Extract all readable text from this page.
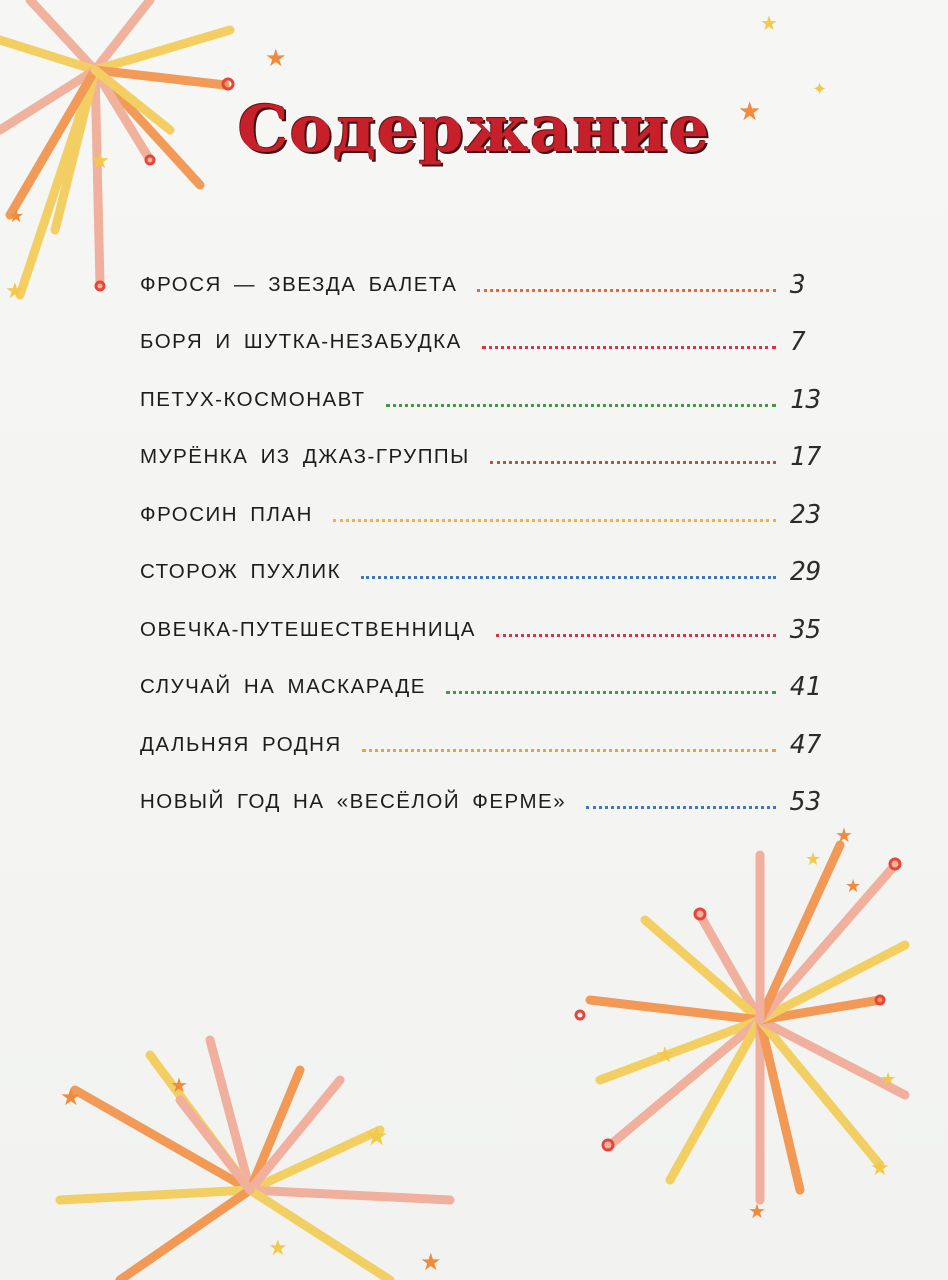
★
★
★
✦
★
★
★
★	★
★
★
★
★
★
★
★
★
★
★
Содержание
ФРОСЯ — ЗВЕЗДА БАЛЕТА	3
БОРЯ И ШУТКА-НЕЗАБУДКА	7
ПЕТУХ-КОСМОНАВТ	13
МУРЁНКА ИЗ ДЖАЗ-ГРУППЫ	17
ФРОСИН ПЛАН	23
СТОРОЖ ПУХЛИК	29
ОВЕЧКА-ПУТЕШЕСТВЕННИЦА	35
СЛУЧАЙ НА МАСКАРАДЕ	41
ДАЛЬНЯЯ РОДНЯ	47
НОВЫЙ ГОД НА «ВЕСЁЛОЙ ФЕРМЕ»	53
